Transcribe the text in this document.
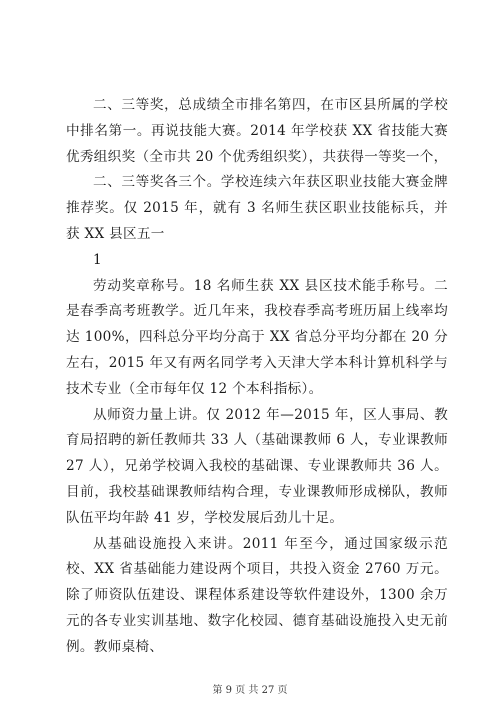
二、三等奖，总成绩全市排名第四，在市区县所属的学校中排名第一。再说技能大赛。2014 年学校获 XX 省技能大赛优秀组织奖（全市共 20 个优秀组织奖），共获得一等奖一个，

二、三等奖各三个。学校连续六年获区职业技能大赛金牌推荐奖。仅 2015 年，就有 3 名师生获区职业技能标兵，并获 XX 县区五一

1

劳动奖章称号。18 名师生获 XX 县区技术能手称号。二是春季高考班教学。近几年来，我校春季高考班历届上线率均达 100%，四科总分平均分高于 XX 省总分平均分都在 20 分左右，2015 年又有两名同学考入天津大学本科计算机科学与技术专业（全市每年仅 12 个本科指标）。

从师资力量上讲。仅 2012 年—2015 年，区人事局、教育局招聘的新任教师共 33 人（基础课教师 6 人，专业课教师 27 人），兄弟学校调入我校的基础课、专业课教师共 36 人。目前，我校基础课教师结构合理，专业课教师形成梯队，教师队伍平均年龄 41 岁，学校发展后劲儿十足。

从基础设施投入来讲。2011 年至今，通过国家级示范校、XX 省基础能力建设两个项目，共投入资金 2760 万元。除了师资队伍建设、课程体系建设等软件建设外，1300 余万元的各专业实训基地、数字化校园、德育基础设施投入史无前例。教师桌椅、

第 9 页 共 27 页
